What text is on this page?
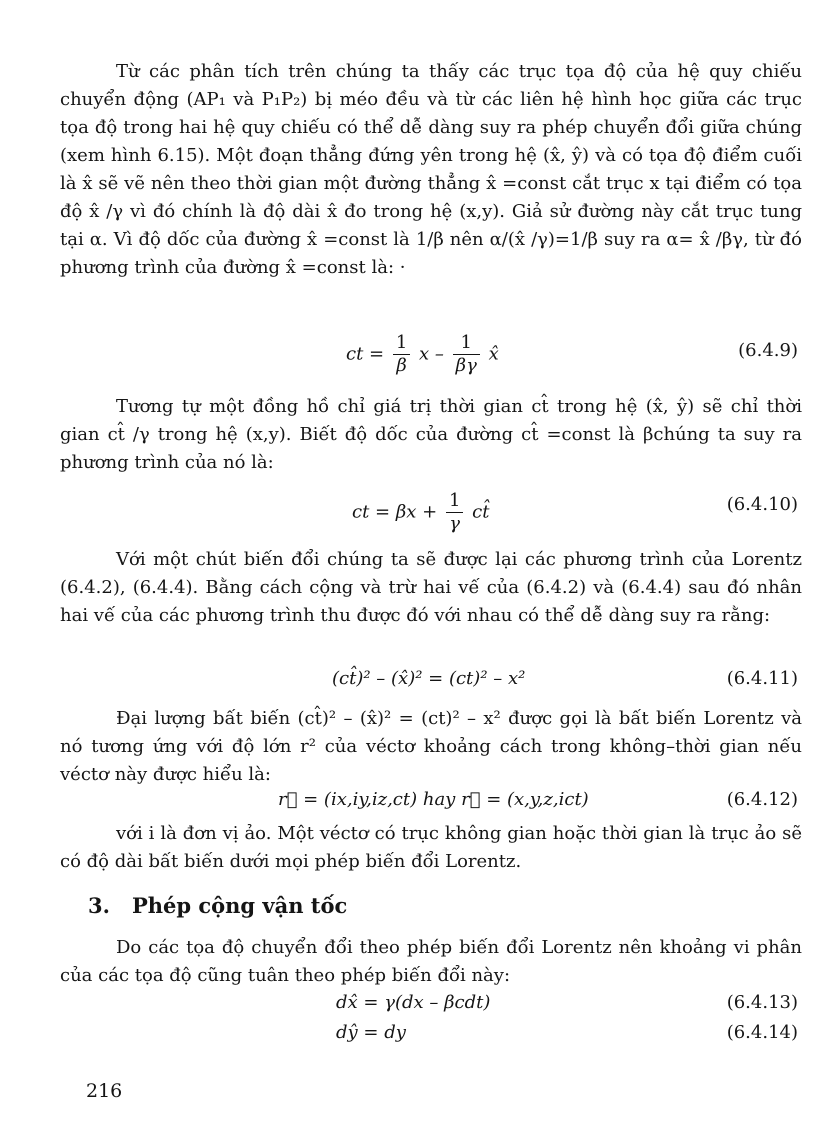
Từ các phân tích trên chúng ta thấy các trục tọa độ của hệ quy chiếu chuyển động (AP₁ và P₁P₂) bị méo đều và từ các liên hệ hình học giữa các trục tọa độ trong hai hệ quy chiếu có thể dễ dàng suy ra phép chuyển đổi giữa chúng (xem hình 6.15). Một đoạn thẳng đứng yên trong hệ (x̂, ŷ) và có tọa độ điểm cuối là x̂ sẽ vẽ nên theo thời gian một đường thẳng x̂ =const cắt trục x tại điểm có tọa độ x̂ /γ vì đó chính là độ dài x̂ đo trong hệ (x,y). Giả sử đường này cắt trục tung tại α. Vì độ dốc của đường x̂ =const là 1/β nên α/(x̂ /γ)=1/β suy ra α= x̂ /βγ, từ đó phương trình của đường x̂ =const là: ·

ct = $\frac{1}{\beta}$ x – $\frac{1}{\beta\gamma}$ x̂	(6.4.9)

Tương tự một đồng hồ chỉ giá trị thời gian ct̂ trong hệ (x̂, ŷ) sẽ chỉ thời gian ct̂ /γ trong hệ (x,y). Biết độ dốc của đường ct̂ =const là βchúng ta suy ra phương trình của nó là:

ct = $\beta x + \frac{1}{\gamma}$ ct̂	(6.4.10)

Với một chút biến đổi chúng ta sẽ được lại các phương trình của Lorentz (6.4.2), (6.4.4). Bằng cách cộng và trừ hai vế của (6.4.2) và (6.4.4) sau đó nhân hai vế của các phương trình thu được đó với nhau có thể dễ dàng suy ra rằng:

(ct̂)² – (x̂)² = (ct)² – x²	(6.4.11)

Đại lượng bất biến (ct̂)² – (x̂)² = (ct)² – x² được gọi là bất biến Lorentz và nó tương ứng với độ lớn r² của véctơ khoảng cách trong không–thời gian nếu véctơ này được hiểu là:

r⃗ = (ix,iy,iz,ct) hay r⃗ = (x,y,z,ict)	(6.4.12)

với i là đơn vị ảo. Một véctơ có trục không gian hoặc thời gian là trục ảo sẽ có độ dài bất biến dưới mọi phép biến đổi Lorentz.

3. Phép cộng vận tốc

Do các tọa độ chuyển đổi theo phép biến đổi Lorentz nên khoảng vi phân của các tọa độ cũng tuân theo phép biến đổi này:

dx̂ = γ(dx – βcdt)	(6.4.13)
dŷ = dy	(6.4.14)
216
